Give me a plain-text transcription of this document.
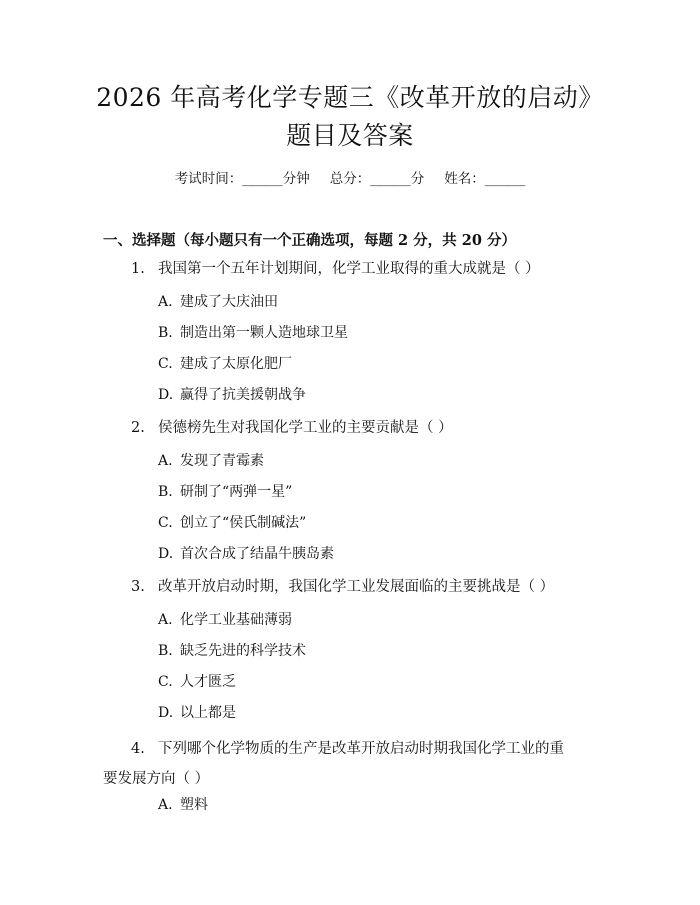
2026 年高考化学专题三《改革开放的启动》
题目及答案
考试时间：______分钟 总分：______分 姓名：______
一、选择题（每小题只有一个正确选项，每题 2 分，共 20 分）
1. 我国第一个五年计划期间，化学工业取得的重大成就是（ ）
A. 建成了大庆油田
B. 制造出第一颗人造地球卫星
C. 建成了太原化肥厂
D. 赢得了抗美援朝战争
2. 侯德榜先生对我国化学工业的主要贡献是（ ）
A. 发现了青霉素
B. 研制了“两弹一星”
C. 创立了“侯氏制碱法”
D. 首次合成了结晶牛胰岛素
3. 改革开放启动时期，我国化学工业发展面临的主要挑战是（ ）
A. 化学工业基础薄弱
B. 缺乏先进的科学技术
C. 人才匮乏
D. 以上都是
4. 下列哪个化学物质的生产是改革开放启动时期我国化学工业的重要发展方向（ ）
A. 塑料
